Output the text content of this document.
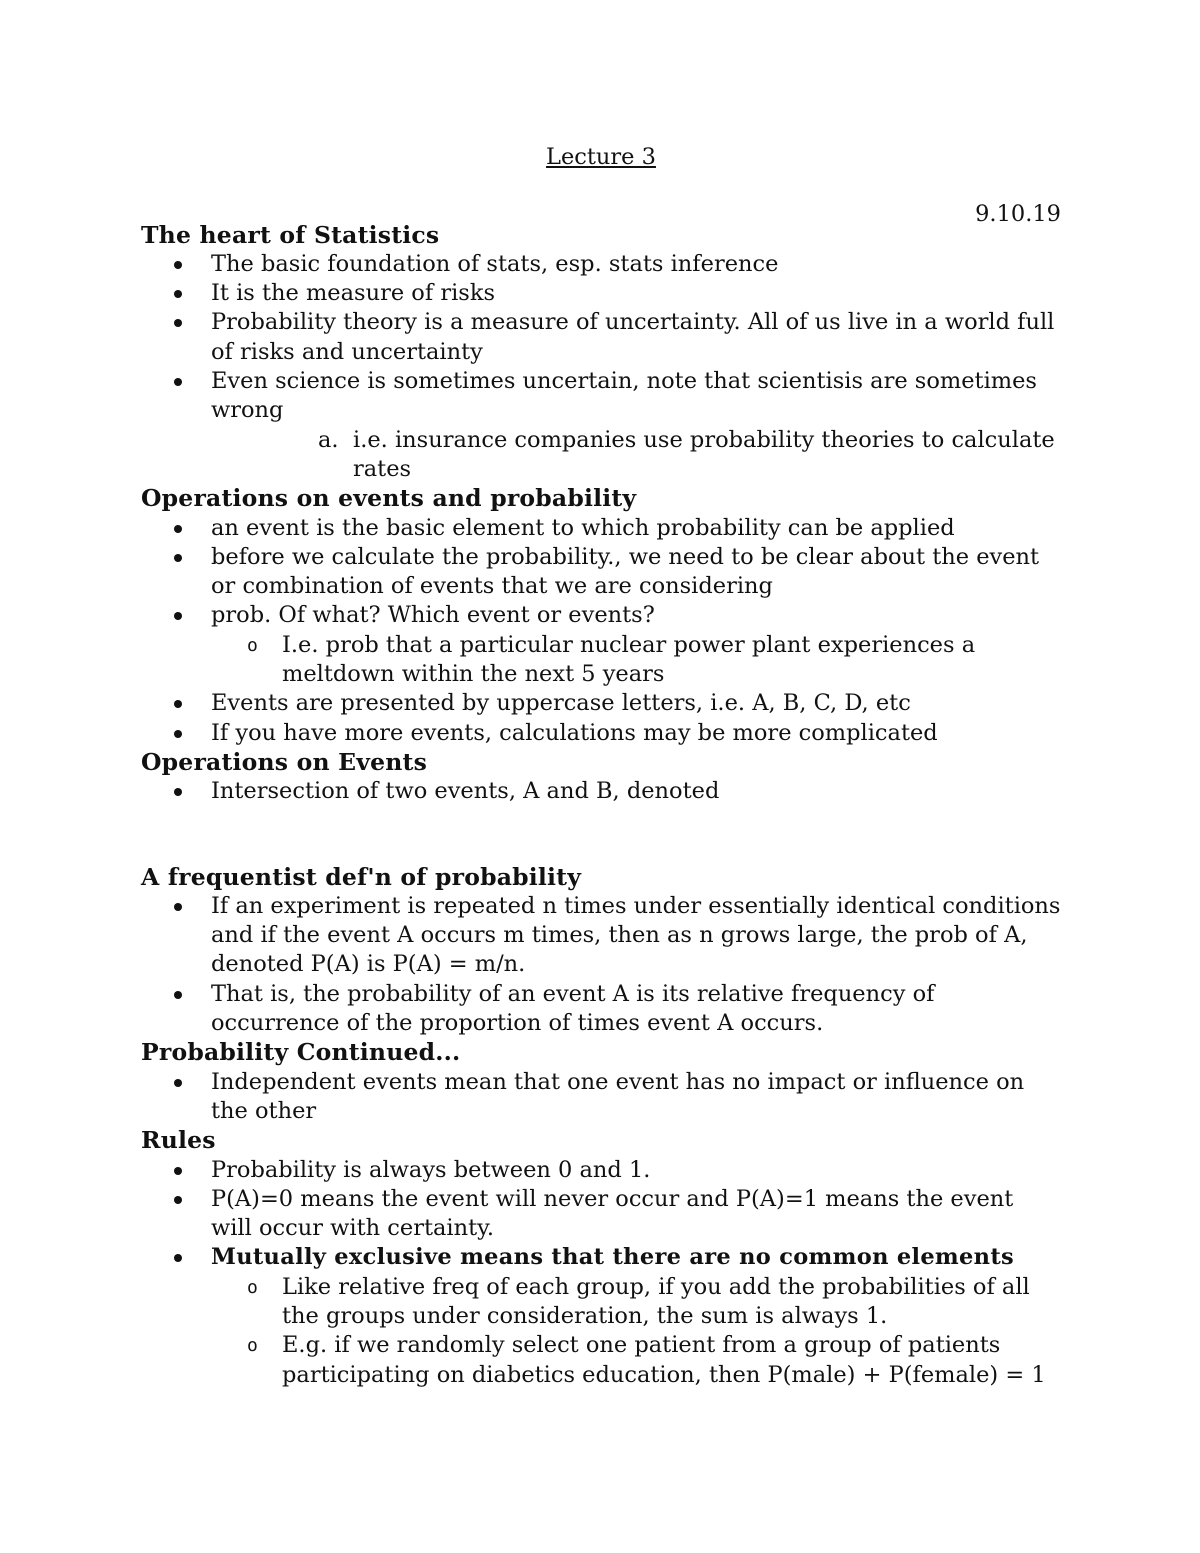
Lecture 3
9.10.19
The heart of Statistics
The basic foundation of stats, esp. stats inference
It is the measure of risks
Probability theory is a measure of uncertainty. All of us live in a world full of risks and uncertainty
Even science is sometimes uncertain, note that scientisis are sometimes wrong
a. i.e. insurance companies use probability theories to calculate rates
Operations on events and probability
an event is the basic element to which probability can be applied
before we calculate the probability., we need to be clear about the event or combination of events that we are considering
prob. Of what? Which event or events?
o I.e. prob that a particular nuclear power plant experiences a meltdown within the next 5 years
Events are presented by uppercase letters, i.e. A, B, C, D, etc
If you have more events, calculations may be more complicated
Operations on Events
Intersection of two events, A and B, denoted
A frequentist def'n of probability
If an experiment is repeated n times under essentially identical conditions and if the event A occurs m times, then as n grows large, the prob of A, denoted P(A) is P(A) = m/n.
That is, the probability of an event A is its relative frequency of occurrence of the proportion of times event A occurs.
Probability Continued...
Independent events mean that one event has no impact or influence on the other
Rules
Probability is always between 0 and 1.
P(A)=0 means the event will never occur and P(A)=1 means the event will occur with certainty.
Mutually exclusive means that there are no common elements
o Like relative freq of each group, if you add the probabilities of all the groups under consideration, the sum is always 1.
o E.g. if we randomly select one patient from a group of patients participating on diabetics education, then P(male) + P(female) = 1
